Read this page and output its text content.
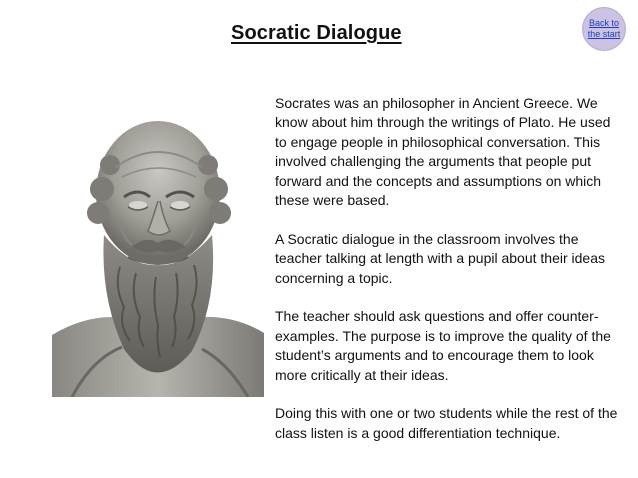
Socratic Dialogue	Back to
the start

Socrates was an philosopher in Ancient Greece. We know about him through the writings of Plato. He used to engage people in philosophical conversation. This involved challenging the arguments that people put forward and the concepts and assumptions on which these were based.

A Socratic dialogue in the classroom involves the teacher talking at length with a pupil about their ideas concerning a topic.

The teacher should ask questions and offer counter-examples. The purpose is to improve the quality of the student’s arguments and to encourage them to look more critically at their ideas.

Doing this with one or two students while the rest of the class listen is a good differentiation technique.
